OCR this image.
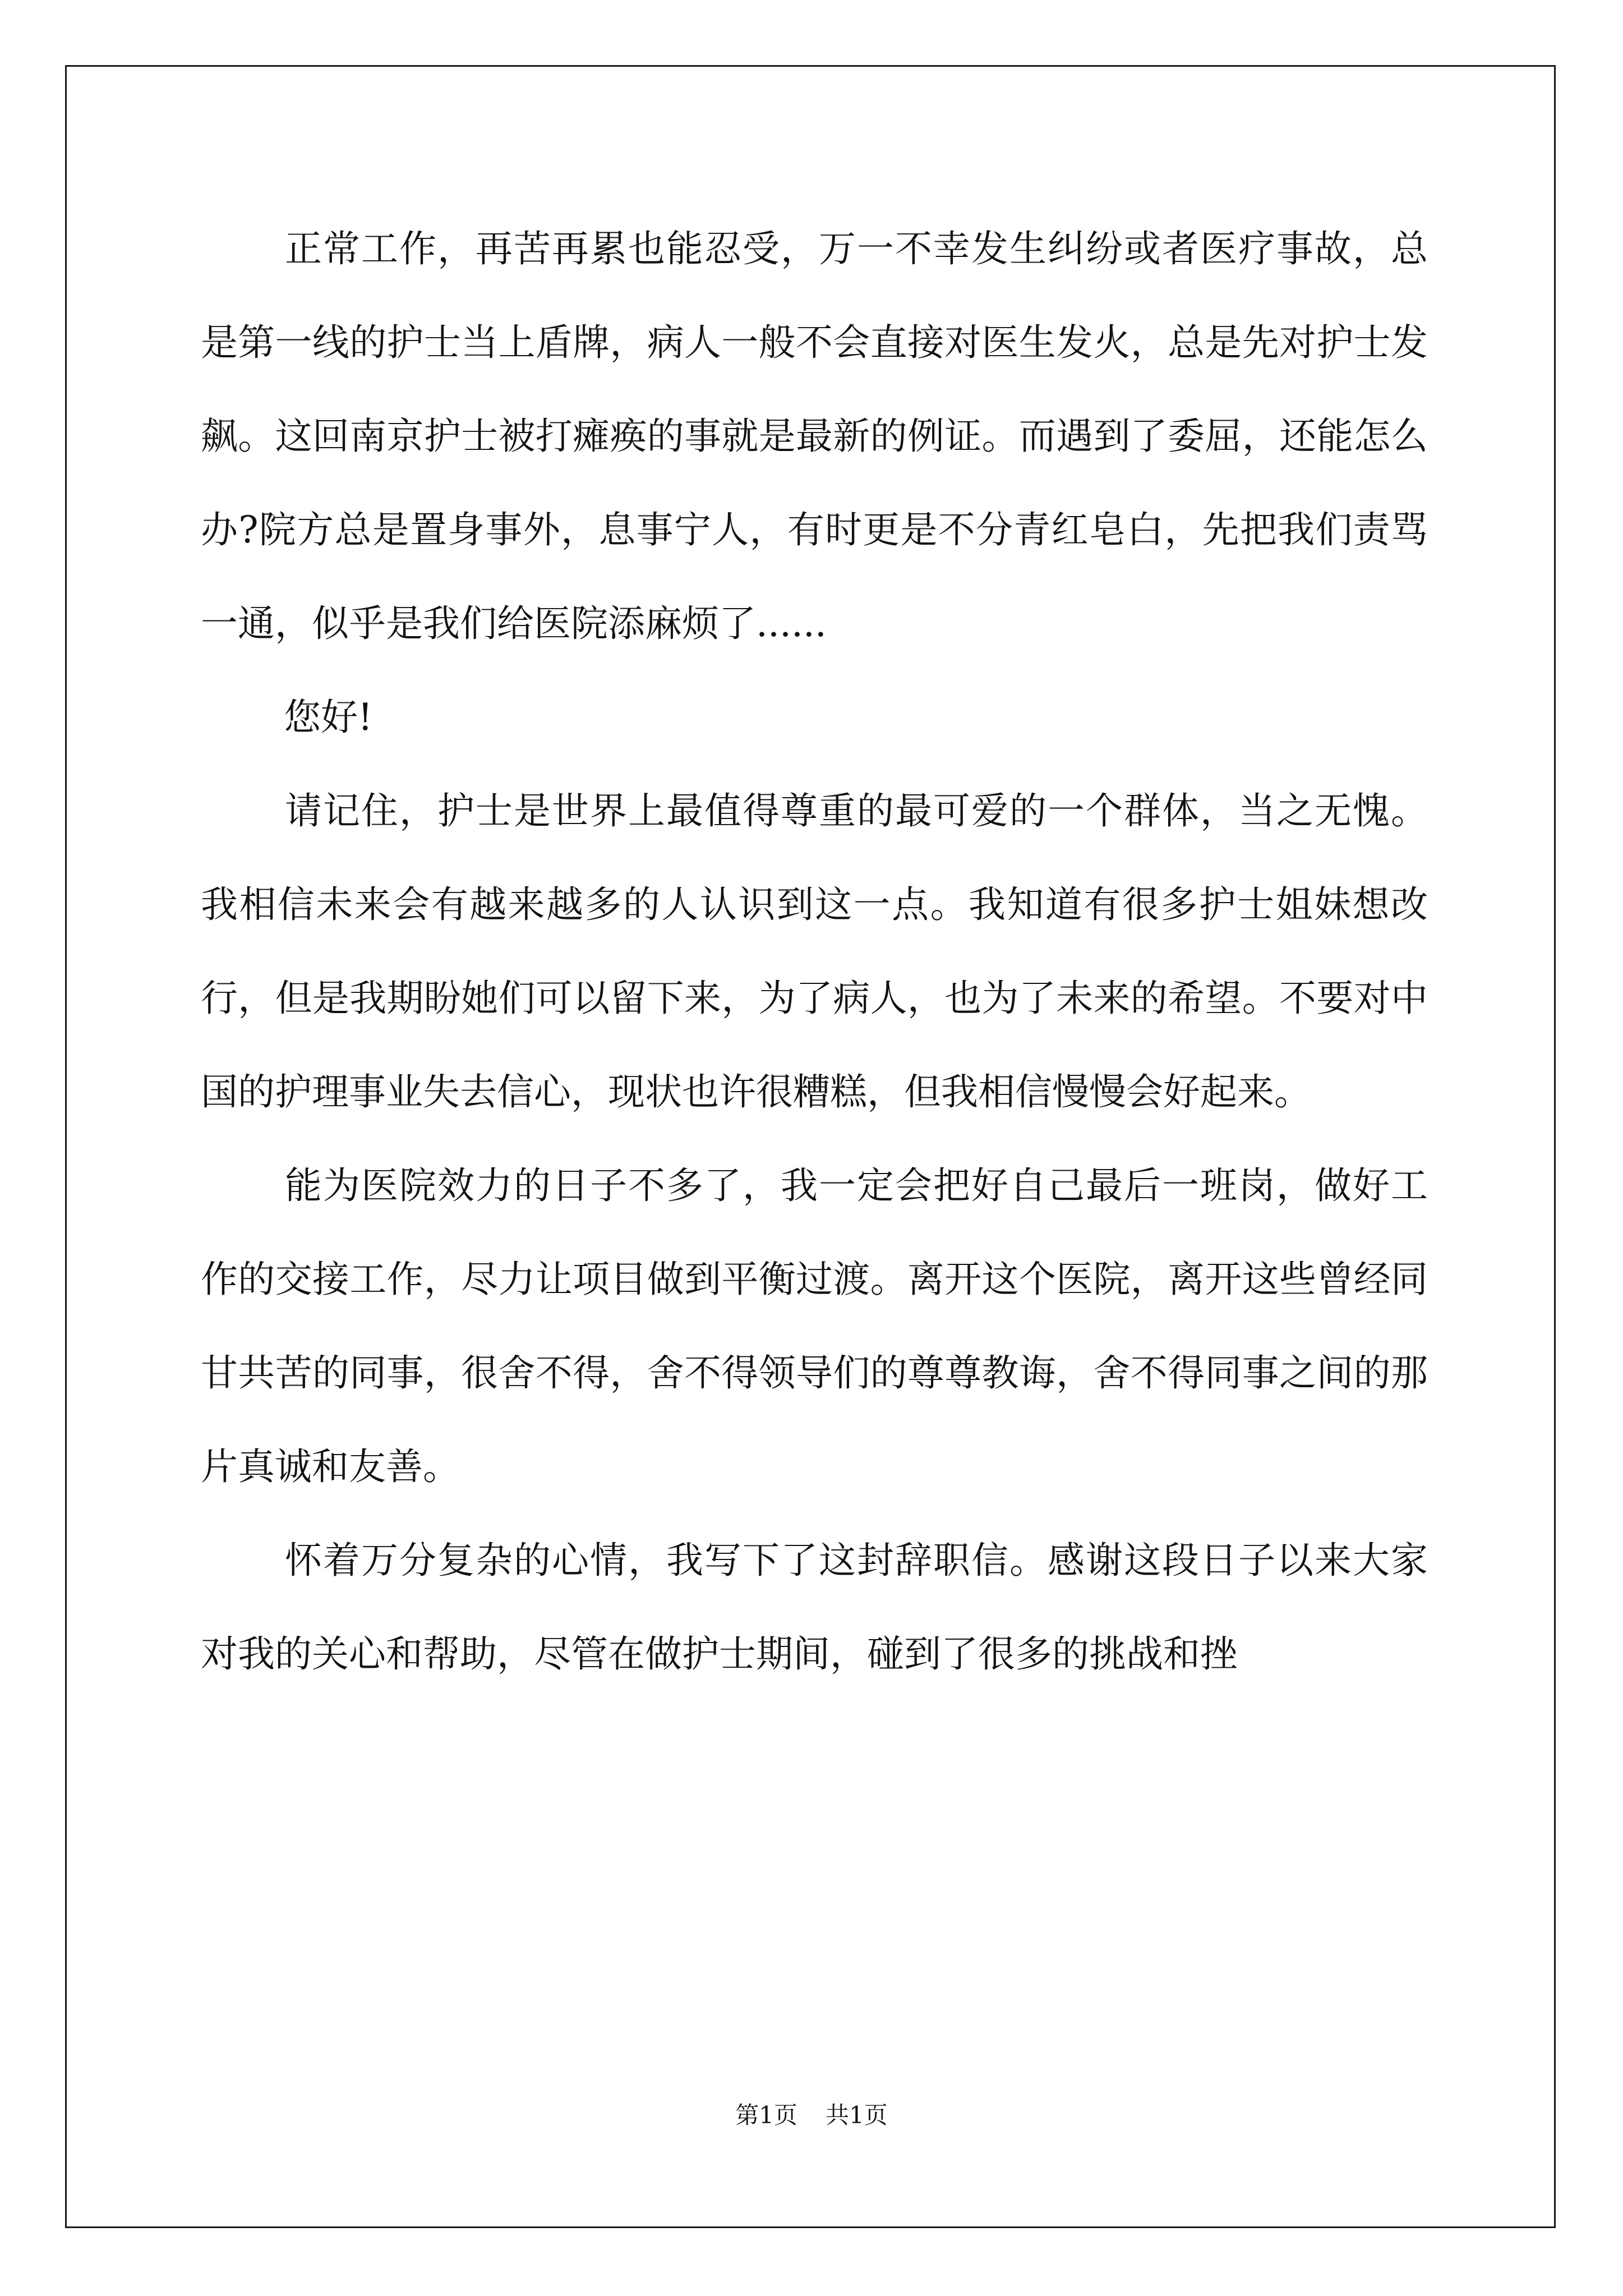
正常工作，再苦再累也能忍受，万一不幸发生纠纷或者医疗事故，总是第一线的护士当上盾牌，病人一般不会直接对医生发火，总是先对护士发飙。这回南京护士被打瘫痪的事就是最新的例证。而遇到了委屈，还能怎么办?院方总是置身事外，息事宁人，有时更是不分青红皂白，先把我们责骂一通，似乎是我们给医院添麻烦了......

您好!

请记住，护士是世界上最值得尊重的最可爱的一个群体，当之无愧。我相信未来会有越来越多的人认识到这一点。我知道有很多护士姐妹想改行，但是我期盼她们可以留下来，为了病人，也为了未来的希望。不要对中国的护理事业失去信心，现状也许很糟糕，但我相信慢慢会好起来。

能为医院效力的日子不多了，我一定会把好自己最后一班岗，做好工作的交接工作，尽力让项目做到平衡过渡。离开这个医院，离开这些曾经同甘共苦的同事，很舍不得，舍不得领导们的尊尊教诲，舍不得同事之间的那片真诚和友善。

怀着万分复杂的心情，我写下了这封辞职信。感谢这段日子以来大家对我的关心和帮助，尽管在做护士期间，碰到了很多的挑战和挫

第1页 共1页
